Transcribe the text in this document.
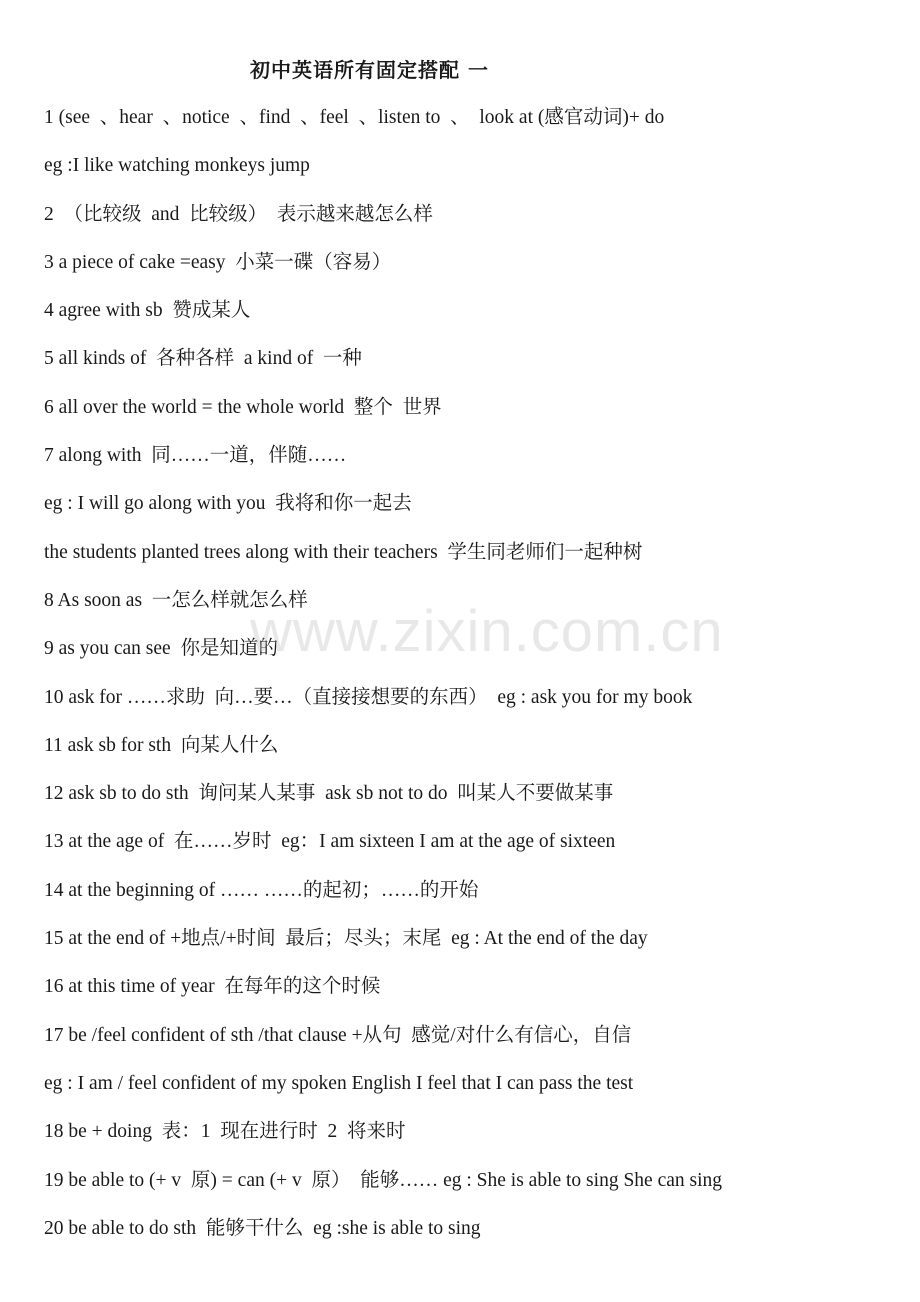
初中英语所有固定搭配 一
1 (see  、hear  、notice  、find  、feel  、listen to  、  look at (感官动词)+ do
eg :I like watching monkeys jump
2  （比较级  and  比较级）  表示越来越怎么样
3 a piece of cake =easy  小菜一碟（容易）
4 agree with sb  赞成某人
5 all kinds of  各种各样  a kind of  一种
6 all over the world = the whole world  整个  世界
7 along with  同……一道，伴随……
eg : I will go along with you  我将和你一起去
the students planted trees along with their teachers  学生同老师们一起种树
8 As soon as  一怎么样就怎么样
9 as you can see  你是知道的
10 ask for ……求助  向…要…（直接接想要的东西）  eg : ask you for my book
11 ask sb for sth  向某人什么
12 ask sb to do sth  询问某人某事  ask sb not to do  叫某人不要做某事
13 at the age of  在……岁时  eg：I am sixteen I am at the age of sixteen
14 at the beginning of …… ……的起初；……的开始
15 at the end of +地点/+时间  最后；尽头；末尾  eg : At the end of the day
16 at this time of year  在每年的这个时候
17 be /feel confident of sth /that clause +从句  感觉/对什么有信心，自信
eg : I am / feel confident of my spoken English I feel that I can pass the test
18 be + doing  表：1  现在进行时  2  将来时
19 be able to (+ v  原) = can (+ v  原）  能够…… eg : She is able to sing She can sing
20 be able to do sth  能够干什么  eg :she is able to sing
www.zixin.com.cn
